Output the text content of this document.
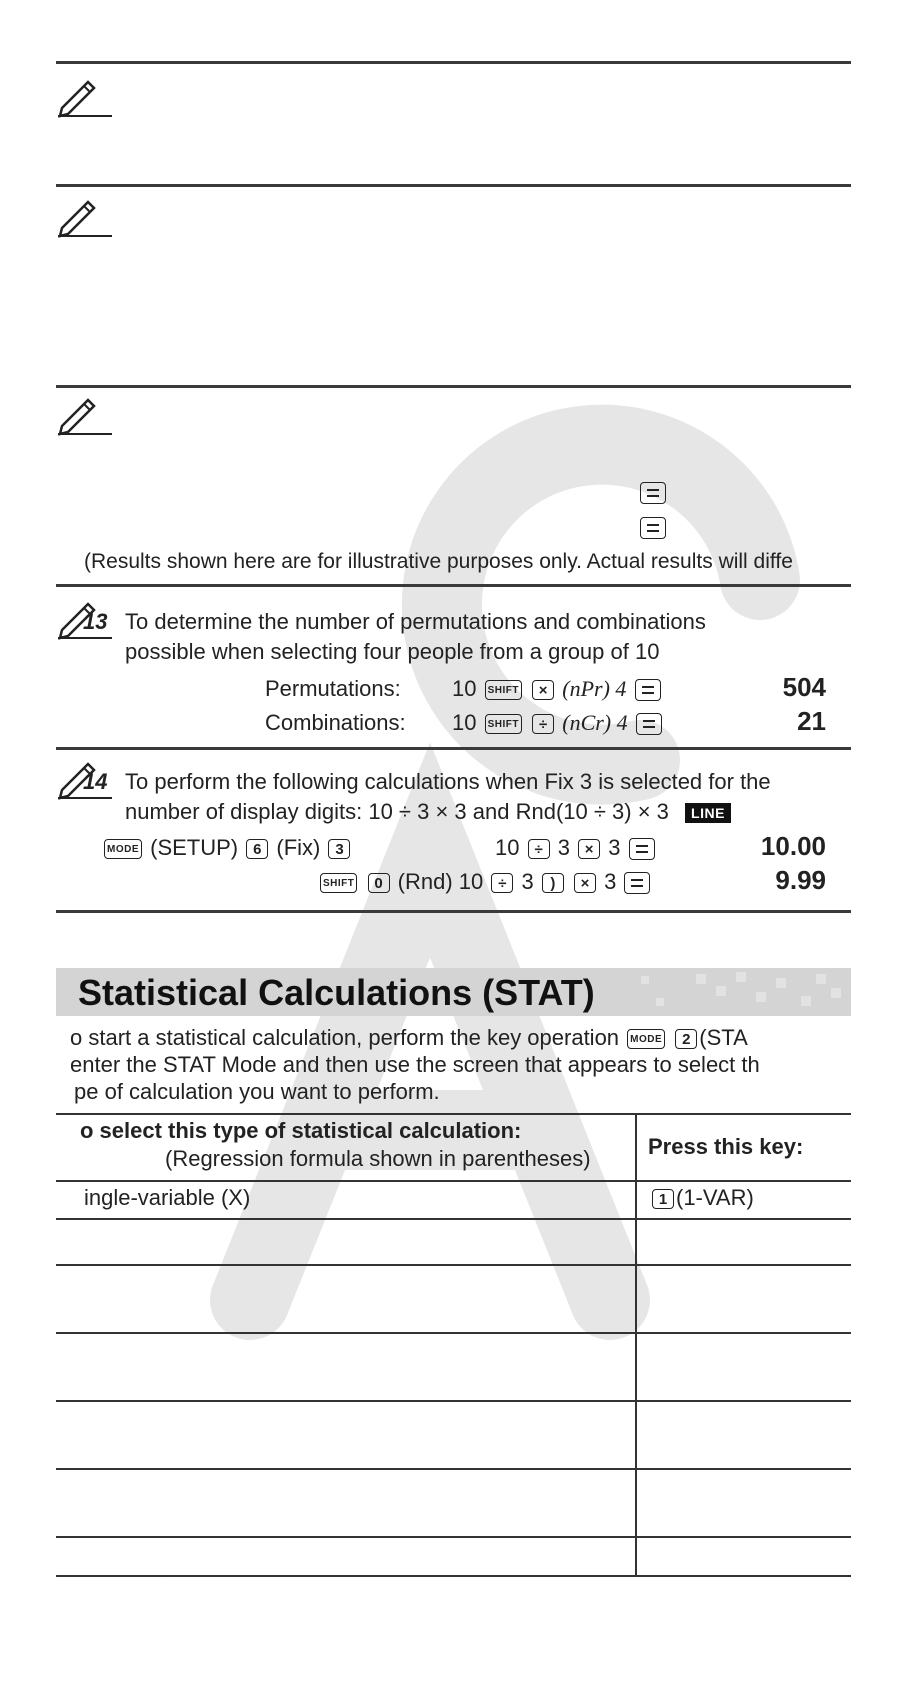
CASIO
(Results shown here are for illustrative purposes only. Actual results will diffe
13 To determine the number of permutations and combinations
possible when selecting four people from a group of 10
Permutations: 10 SHIFT × (nPr) 4	504
Combinations: 10 SHIFT ÷ (nCr) 4	21
14 To perform the following calculations when Fix 3 is selected for the
number of display digits: 10 ÷ 3 × 3 and Rnd(10 ÷ 3) × 3 LINE
MODE (SETUP) 6 (Fix) 3	10 ÷ 3 × 3	10.00
SHIFT 0 (Rnd) 10 ÷ 3 ) × 3	9.99
Statistical Calculations (STAT)
o start a statistical calculation, perform the key operation MODE 2 (STA
enter the STAT Mode and then use the screen that appears to select th
pe of calculation you want to perform.
o select this type of statistical calculation:
(Regression formula shown in parentheses)	Press this key:
ingle-variable (X)	1 (1-VAR)
